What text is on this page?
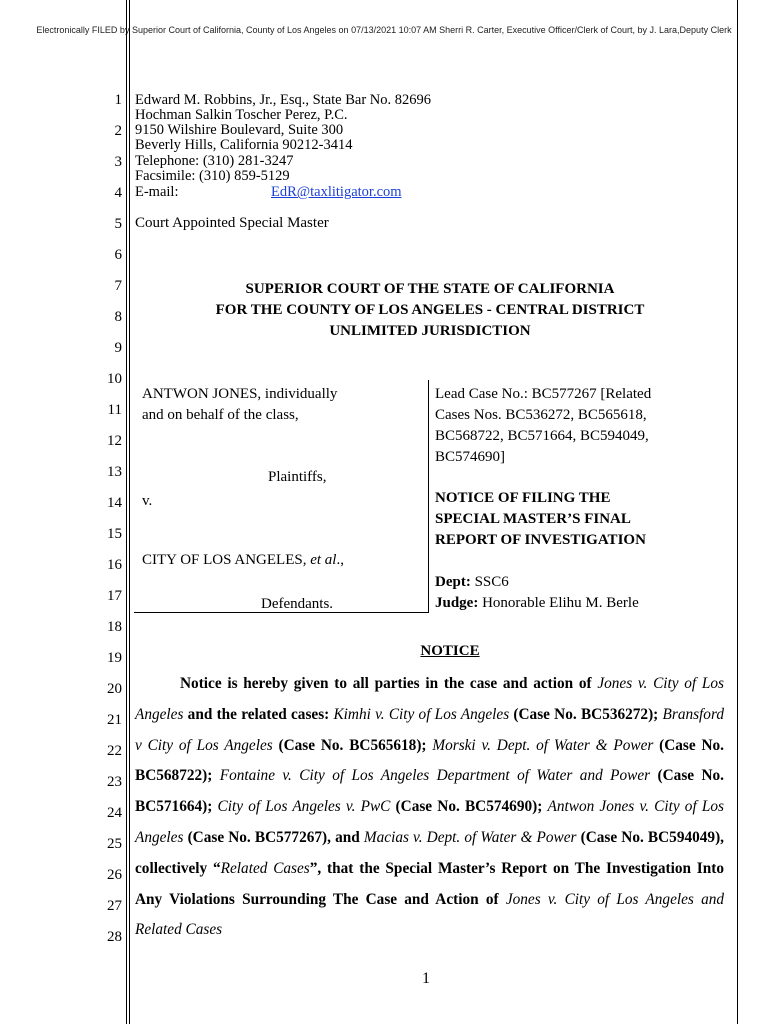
Electronically FILED by Superior Court of California, County of Los Angeles on 07/13/2021 10:07 AM Sherri R. Carter, Executive Officer/Clerk of Court, by J. Lara,Deputy Clerk
1
2
3
4
5
6
7
8
9
10
11
12
13
14
15
16
17
18
19
20
21
22
23
24
25
26
27
28
Edward M. Robbins, Jr., Esq., State Bar No. 82696
Hochman Salkin Toscher Perez, P.C.
9150 Wilshire Boulevard, Suite 300
Beverly Hills, California 90212-3414
Telephone: (310) 281-3247
Facsimile: (310) 859-5129
E-mail:	EdR@taxlitigator.com
Court Appointed Special Master
SUPERIOR COURT OF THE STATE OF CALIFORNIA
FOR THE COUNTY OF LOS ANGELES - CENTRAL DISTRICT
UNLIMITED JURISDICTION
ANTWON JONES, individually
and on behalf of the class,
Plaintiffs,
v.
CITY OF LOS ANGELES, et al.,
Defendants.
Lead Case No.: BC577267 [Related
Cases Nos. BC536272, BC565618,
BC568722, BC571664, BC594049,
BC574690]
NOTICE OF FILING THE
SPECIAL MASTER’S FINAL
REPORT OF INVESTIGATION
Dept: SSC6
Judge: Honorable Elihu M. Berle
NOTICE
Notice is hereby given to all parties in the case and action of Jones v. City of Los Angeles and the related cases: Kimhi v. City of Los Angeles (Case No. BC536272); Bransford v City of Los Angeles (Case No. BC565618); Morski v. Dept. of Water & Power (Case No. BC568722); Fontaine v. City of Los Angeles Department of Water and Power (Case No. BC571664); City of Los Angeles v. PwC (Case No. BC574690); Antwon Jones v. City of Los Angeles (Case No. BC577267), and Macias v. Dept. of Water & Power (Case No. BC594049), collectively “Related Cases”, that the Special Master’s Report on The Investigation Into Any Violations Surrounding The Case and Action of Jones v. City of Los Angeles and Related Cases
1
